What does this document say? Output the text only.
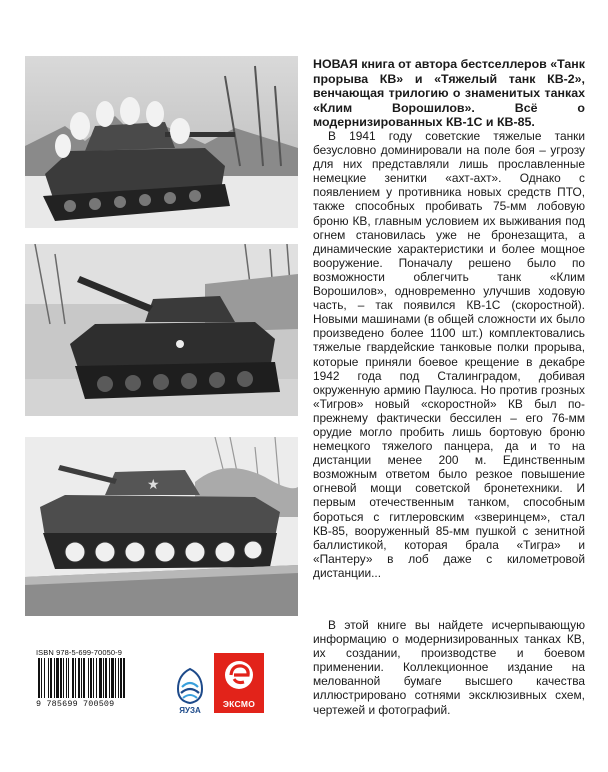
★
НОВАЯ книга от автора бестселлеров «Танк прорыва КВ» и «Тяжелый танк КВ-2», венчающая трилогию о знаменитых танках «Клим Ворошилов». Всё о модернизированных КВ-1С и КВ-85.
В 1941 году советские тяжелые танки безусловно доминировали на поле боя – угрозу для них представляли лишь прославленные немецкие зенитки «ахт-ахт». Однако с появлением у противника новых средств ПТО, также способных пробивать 75-мм лобовую броню КВ, главным условием их выживания под огнем становилась уже не бронезащита, а динамические характеристики и более мощное вооружение. Поначалу решено было по возможности облегчить танк «Клим Ворошилов», одновременно улучшив ходовую часть, – так появился КВ-1С (скоростной). Новыми машинами (в общей сложности их было произведено более 1100 шт.) комплектовались тяжелые гвардейские танковые полки прорыва, которые приняли боевое крещение в декабре 1942 года под Сталинградом, добивая окруженную армию Паулюса. Но против грозных «Тигров» новый «скоростной» КВ был по-прежнему фактически бессилен – его 76-мм орудие могло пробить лишь бортовую броню немецкого тяжелого панцера, да и то на дистанции менее 200 м. Единственным возможным ответом было резкое повышение огневой мощи советской бронетехники. И первым отечественным танком, способным бороться с гитлеровским «зверинцем», стал КВ-85, вооруженный 85-мм пушкой с зенитной баллистикой, которая брала «Тигра» и «Пантеру» в лоб даже с километровой дистанции...
В этой книге вы найдете исчерпывающую информацию о модернизированных танках КВ, их создании, производстве и боевом применении. Коллекционное издание на мелованной бумаге высшего качества иллюстрировано сотнями эксклюзивных схем, чертежей и фотографий.
ISBN 978-5-699-70050-9
9 785699 700509
ЯУЗА
ЭКСМО
